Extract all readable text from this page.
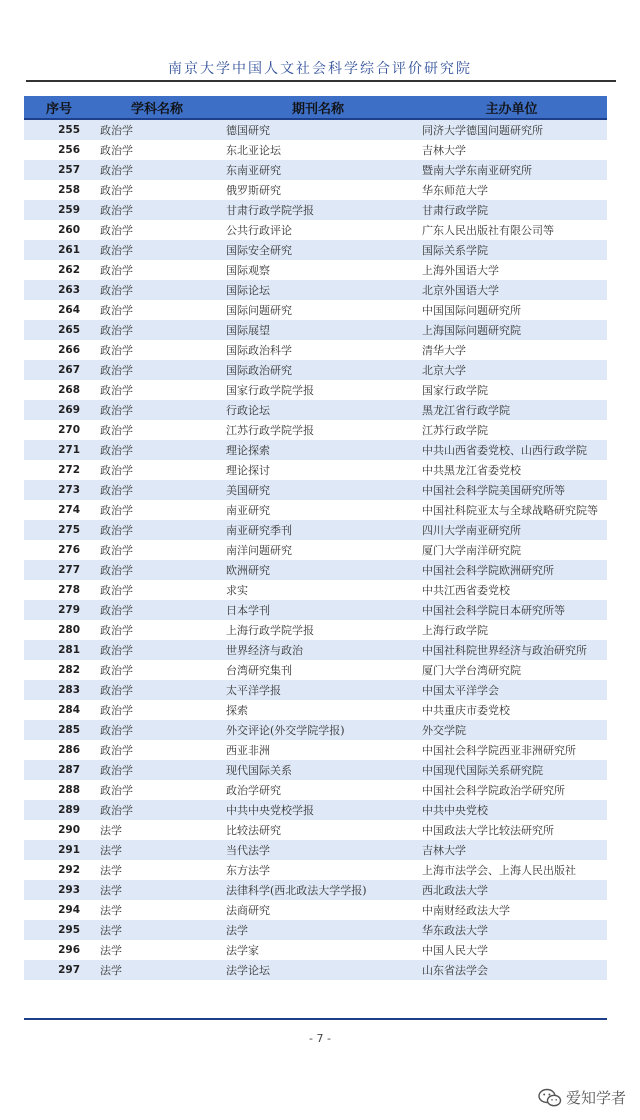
南京大学中国人文社会科学综合评价研究院
序号	学科名称	期刊名称	主办单位
255	政治学	德国研究	同济大学德国问题研究所
256	政治学	东北亚论坛	吉林大学
257	政治学	东南亚研究	暨南大学东南亚研究所
258	政治学	俄罗斯研究	华东师范大学
259	政治学	甘肃行政学院学报	甘肃行政学院
260	政治学	公共行政评论	广东人民出版社有限公司等
261	政治学	国际安全研究	国际关系学院
262	政治学	国际观察	上海外国语大学
263	政治学	国际论坛	北京外国语大学
264	政治学	国际问题研究	中国国际问题研究所
265	政治学	国际展望	上海国际问题研究院
266	政治学	国际政治科学	清华大学
267	政治学	国际政治研究	北京大学
268	政治学	国家行政学院学报	国家行政学院
269	政治学	行政论坛	黑龙江省行政学院
270	政治学	江苏行政学院学报	江苏行政学院
271	政治学	理论探索	中共山西省委党校、山西行政学院
272	政治学	理论探讨	中共黑龙江省委党校
273	政治学	美国研究	中国社会科学院美国研究所等
274	政治学	南亚研究	中国社科院亚太与全球战略研究院等
275	政治学	南亚研究季刊	四川大学南亚研究所
276	政治学	南洋问题研究	厦门大学南洋研究院
277	政治学	欧洲研究	中国社会科学院欧洲研究所
278	政治学	求实	中共江西省委党校
279	政治学	日本学刊	中国社会科学院日本研究所等
280	政治学	上海行政学院学报	上海行政学院
281	政治学	世界经济与政治	中国社科院世界经济与政治研究所
282	政治学	台湾研究集刊	厦门大学台湾研究院
283	政治学	太平洋学报	中国太平洋学会
284	政治学	探索	中共重庆市委党校
285	政治学	外交评论(外交学院学报)	外交学院
286	政治学	西亚非洲	中国社会科学院西亚非洲研究所
287	政治学	现代国际关系	中国现代国际关系研究院
288	政治学	政治学研究	中国社会科学院政治学研究所
289	政治学	中共中央党校学报	中共中央党校
290	法学	比较法研究	中国政法大学比较法研究所
291	法学	当代法学	吉林大学
292	法学	东方法学	上海市法学会、上海人民出版社
293	法学	法律科学(西北政法大学学报)	西北政法大学
294	法学	法商研究	中南财经政法大学
295	法学	法学	华东政法大学
296	法学	法学家	中国人民大学
297	法学	法学论坛	山东省法学会
- 7 -
爱知学者
